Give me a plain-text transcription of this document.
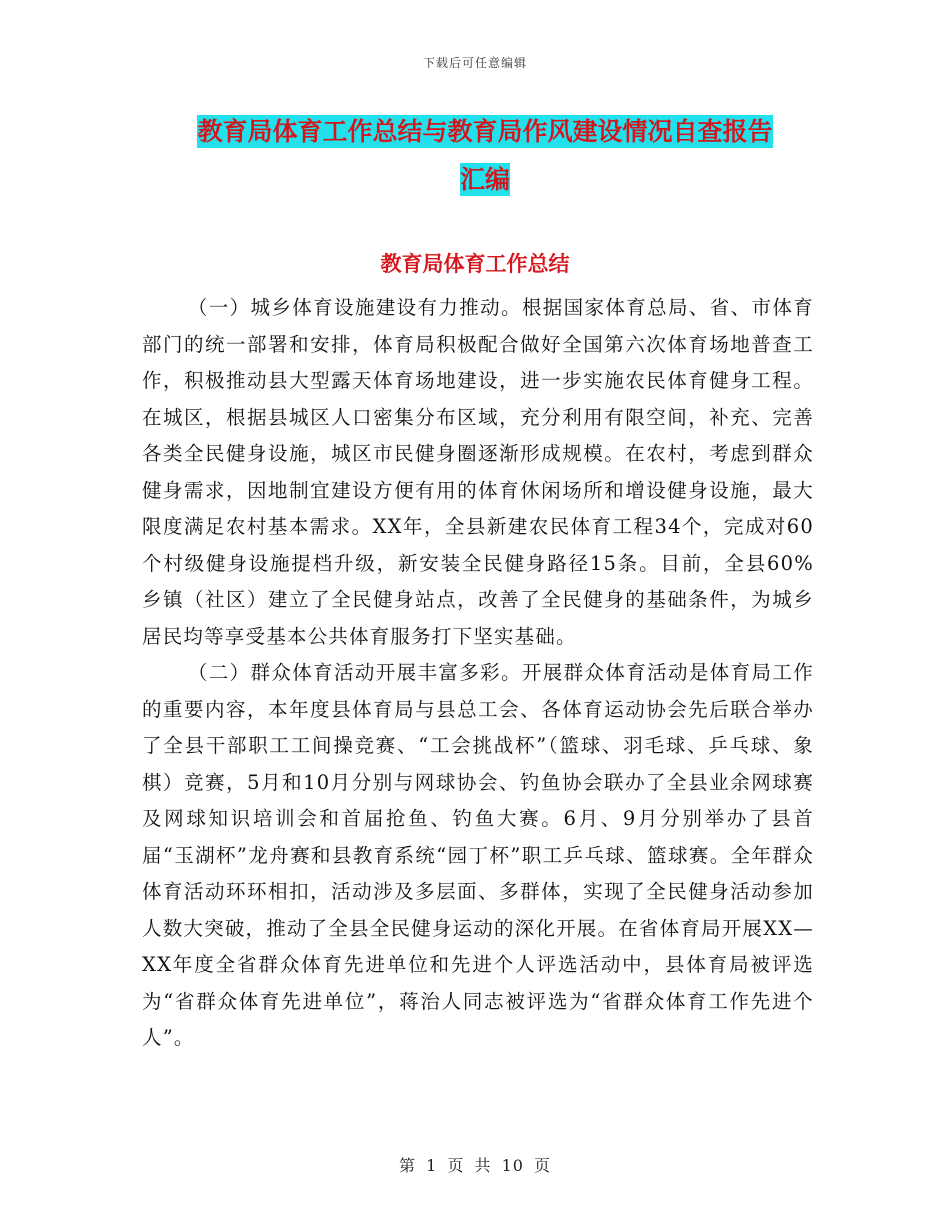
下载后可任意编辑
教育局体育工作总结与教育局作风建设情况自查报告
汇编
教育局体育工作总结

（一）城乡体育设施建设有力推动。根据国家体育总局、省、市体育部门的统一部署和安排，体育局积极配合做好全国第六次体育场地普查工作，积极推动县大型露天体育场地建设，进一步实施农民体育健身工程。在城区，根据县城区人口密集分布区域，充分利用有限空间，补充、完善各类全民健身设施，城区市民健身圈逐渐形成规模。在农村，考虑到群众健身需求，因地制宜建设方便有用的体育休闲场所和增设健身设施，最大限度满足农村基本需求。XX年，全县新建农民体育工程34个，完成对60个村级健身设施提档升级，新安装全民健身路径15条。目前，全县60%乡镇（社区）建立了全民健身站点，改善了全民健身的基础条件，为城乡居民均等享受基本公共体育服务打下坚实基础。

（二）群众体育活动开展丰富多彩。开展群众体育活动是体育局工作的重要内容，本年度县体育局与县总工会、各体育运动协会先后联合举办了全县干部职工工间操竞赛、“工会挑战杯”（篮球、羽毛球、乒乓球、象棋）竞赛，5月和10月分别与网球协会、钓鱼协会联办了全县业余网球赛及网球知识培训会和首届抢鱼、钓鱼大赛。6月、9月分别举办了县首届“玉湖杯”龙舟赛和县教育系统“园丁杯”职工乒乓球、篮球赛。全年群众体育活动环环相扣，活动涉及多层面、多群体，实现了全民健身活动参加人数大突破，推动了全县全民健身运动的深化开展。在省体育局开展XX—XX年度全省群众体育先进单位和先进个人评选活动中，县体育局被评选为“省群众体育先进单位”，蒋治人同志被评选为“省群众体育工作先进个人”。

第 1 页 共 10 页
